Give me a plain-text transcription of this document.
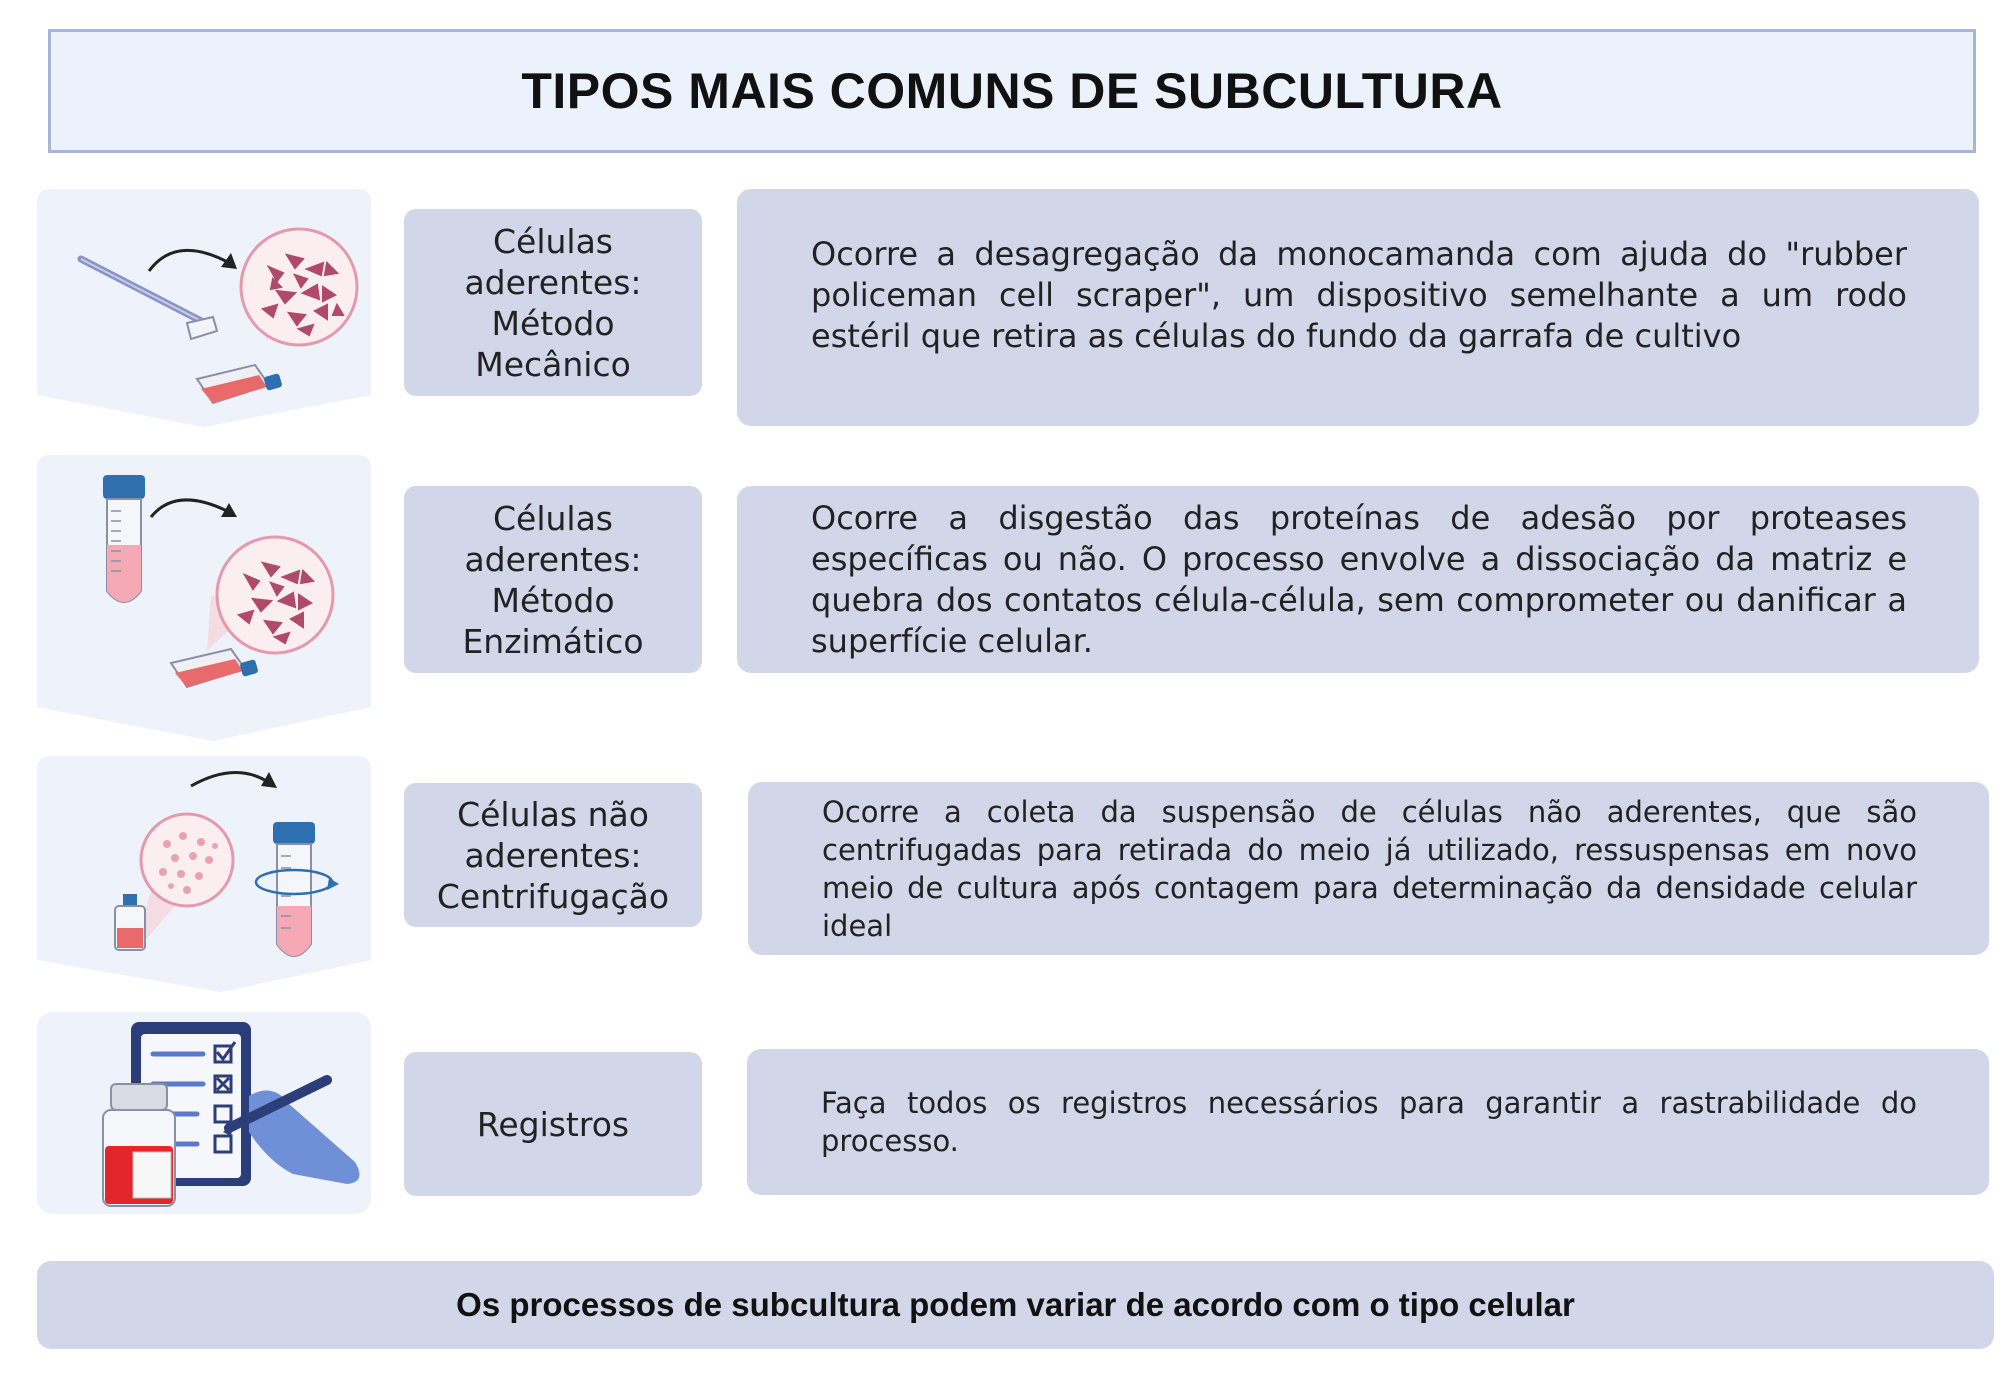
TIPOS MAIS COMUNS DE SUBCULTURA
Células
aderentes:
Método
Mecânico

Ocorre a desagregação da monocamanda com ajuda do "rubber policeman cell scraper", um dispositivo semelhante a um rodo estéril que retira as células do fundo da garrafa de cultivo

Células
aderentes:
Método
Enzimático

Ocorre a disgestão das proteínas de adesão por proteases específicas ou não. O processo envolve a dissociação da matriz e quebra dos contatos célula-célula, sem comprometer ou danificar a superfície celular.

Células não
aderentes:
Centrifugação

Ocorre a coleta da suspensão de células não aderentes, que são centrifugadas para retirada do meio já utilizado, ressuspensas em novo meio de cultura após contagem para determinação da densidade celular ideal

Registros

Faça todos os registros necessários para garantir a rastrabilidade do processo.

Os processos de subcultura podem variar de acordo com o tipo celular
